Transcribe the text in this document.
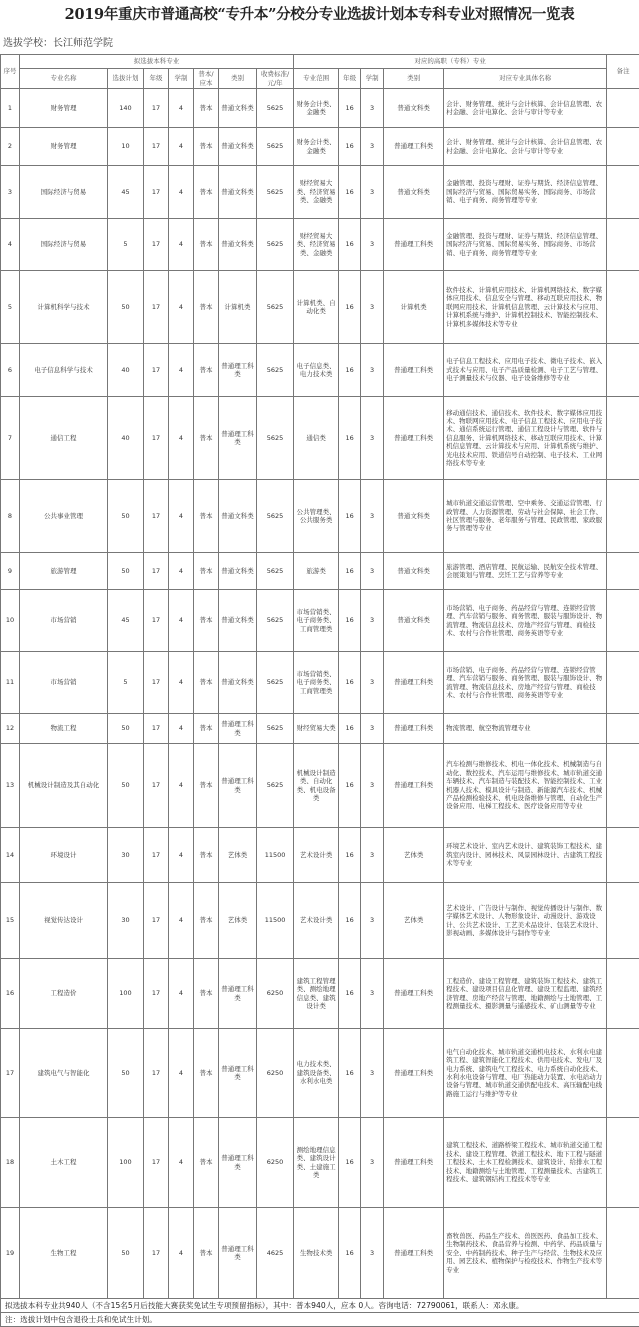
2019年重庆市普通高校“专升本”分校分专业选拔计划本专科专业对照情况一览表
选拔学校：长江师范学院
序号	拟选拔本科专业							对应的高职（专科）专业					备注
	专业名称	选拔计划	年级	学制	普本/应本	类别	收费标准/元/年	专业范围	年级	学制	类别	对应专业具体名称	
1	财务管理	140	17	4	普本	普通文科类	5625	财务会计类、金融类	16	3	普通文科类	会计、财务管理、统计与会计核算、会计信息管理、农村金融、会计电算化、会计与审计等专业	
2	财务管理	10	17	4	普本	普通文科类	5625	财务会计类、金融类	16	3	普通理工科类	会计、财务管理、统计与会计核算、会计信息管理、农村金融、会计电算化、会计与审计等专业	
3	国际经济与贸易	45	17	4	普本	普通文科类	5625	财经贸易大类、经济贸易类、金融类	16	3	普通文科类	金融管理、投资与理财、证券与期货、经济信息管理、国际经济与贸易、国际贸易实务、国际商务、市场营销、电子商务、商务管理等专业	
4	国际经济与贸易	5	17	4	普本	普通文科类	5625	财经贸易大类、经济贸易类、金融类	16	3	普通理工科类	金融管理、投资与理财、证券与期货、经济信息管理、国际经济与贸易、国际贸易实务、国际商务、市场营销、电子商务、商务管理等专业	
5	计算机科学与技术	50	17	4	普本	计算机类	5625	计算机类、自动化类	16	3	计算机类	软件技术、计算机应用技术、计算机网络技术、数字媒体应用技术、信息安全与管理、移动互联应用技术、物联网应用技术、计算机信息管理、云计算技术与应用、计算机系统与维护、计算机控制技术、智能控制技术、计算机多媒体技术等专业	
6	电子信息科学与技术	40	17	4	普本	普通理工科类	5625	电子信息类、电力技术类	16	3	普通理工科类	电子信息工程技术、应用电子技术、微电子技术、嵌入式技术与应用、电子产品质量检测、电子工艺与管理、电子测量技术与仪器、电子设备维修等专业	
7	通信工程	40	17	4	普本	普通理工科类	5625	通信类	16	3	普通理工科类	移动通信技术、通信技术、软件技术、数字媒体应用技术、物联网应用技术、电子信息工程技术、应用电子技术、通信系统运行管理、通信工程设计与管理、软件与信息服务、计算机网络技术、移动互联应用技术、计算机信息管理、云计算技术与应用、计算机系统与维护、光电技术应用、铁道信号自动控制、电子技术、工业网络技术等专业	
8	公共事业管理	50	17	4	普本	普通文科类	5625	公共管理类、公共服务类	16	3	普通文科类	城市轨道交通运营管理、空中乘务、交通运营管理、行政管理、人力资源管理、劳动与社会保障、社会工作、社区管理与服务、老年服务与管理、民政管理、家政服务与管理等专业	
9	旅游管理	50	17	4	普本	普通文科类	5625	旅游类	16	3	普通文科类	旅游管理、酒店管理、民航运输、民航安全技术管理、会展策划与管理、烹饪工艺与营养等专业	
10	市场营销	45	17	4	普本	普通文科类	5625	市场营销类、电子商务类、工商管理类	16	3	普通文科类	市场营销、电子商务、药品经营与管理、连锁经营管理、汽车营销与服务、商务管理、服装与服饰设计、物流管理、物流信息技术、房地产经营与管理、商检技术、农村与合作社管理、商务英语等专业	
11	市场营销	5	17	4	普本	普通文科类	5625	市场营销类、电子商务类、工商管理类	16	3	普通理工科类	市场营销、电子商务、药品经营与管理、连锁经营管理、汽车营销与服务、商务管理、服装与服饰设计、物流管理、物流信息技术、房地产经营与管理、商检技术、农村与合作社管理、商务英语等专业	
12	物流工程	50	17	4	普本	普通理工科类	5625	财经贸易大类	16	3	普通理工科类	物流管理、航空物流管理专业	
13	机械设计制造及其自动化	50	17	4	普本	普通理工科类	5625	机械设计制造类、自动化类、机电设备类	16	3	普通理工科类	汽车检测与维修技术、机电一体化技术、机械制造与自动化、数控技术、汽车运用与维修技术、城市轨道交通车辆技术、汽车制造与装配技术、智能控制技术、工业机器人技术、模具设计与制造、新能源汽车技术、机械产品检测检验技术、机电设备维修与管理、自动化生产设备应用、电梯工程技术、医疗设备应用等专业	
14	环境设计	30	17	4	普本	艺体类	11500	艺术设计类	16	3	艺体类	环境艺术设计、室内艺术设计、建筑装饰工程技术、建筑室内设计、园林技术、风景园林设计、古建筑工程技术等专业	
15	视觉传达设计	30	17	4	普本	艺体类	11500	艺术设计类	16	3	艺体类	艺术设计、广告设计与制作、视觉传播设计与制作、数字媒体艺术设计、人物形象设计、动漫设计、游戏设计、公共艺术设计、工艺美术品设计、包装艺术设计、影视动画、多媒体设计与制作等专业	
16	工程造价	100	17	4	普本	普通理工科类	6250	建筑工程管理类、测绘地理信息类、建筑设计类	16	3	普通理工科类	工程造价、建设工程管理、建筑装饰工程技术、建筑工程技术、建设项目信息化管理、建设工程监理、建筑经济管理、房地产经营与管理、地籍测绘与土地管理、工程测量技术、摄影测量与遥感技术、矿山测量等专业	
17	建筑电气与智能化	50	17	4	普本	普通理工科类	6250	电力技术类、建筑设备类、水利水电类	16	3	普通理工科类	电气自动化技术、城市轨道交通机电技术、水利水电建筑工程、建筑智能化工程技术、供用电技术、发电厂及电力系统、建筑电气工程技术、电力系统自动化技术、水利水电设备与管理、电厂热能动力装置、水电站动力设备与管理、城市轨道交通供配电技术、高压输配电线路施工运行与维护等专业	
18	土木工程	100	17	4	普本	普通理工科类	6250	测绘地理信息类、建筑设计类、土建施工类	16	3	普通理工科类	建筑工程技术、道路桥梁工程技术、城市轨道交通工程技术、建设工程管理、铁道工程技术、地下工程与隧道工程技术、土木工程检测技术、建筑设计、给排水工程技术、地籍测绘与土地管理、工程测量技术、古建筑工程技术、建筑钢结构工程技术等专业	
19	生物工程	50	17	4	普本	普通理工科类	4625	生物技术类	16	3	普通理工科类	畜牧兽医、药品生产技术、兽医医药、食品加工技术、生物制药技术、食品营养与检测、中药学、药品质量与安全、中药制药技术、种子生产与经营、生物技术及应用、园艺技术、植物保护与检疫技术、作物生产技术等专业	
拟选拔本科专业共940人（不含15名5月后技能大赛获奖免试生专项预留指标），其中：普本940人，应本 0人。咨询电话：72790061，联系人：邓永康。
注：选拔计划中包含退役士兵和免试生计划。
